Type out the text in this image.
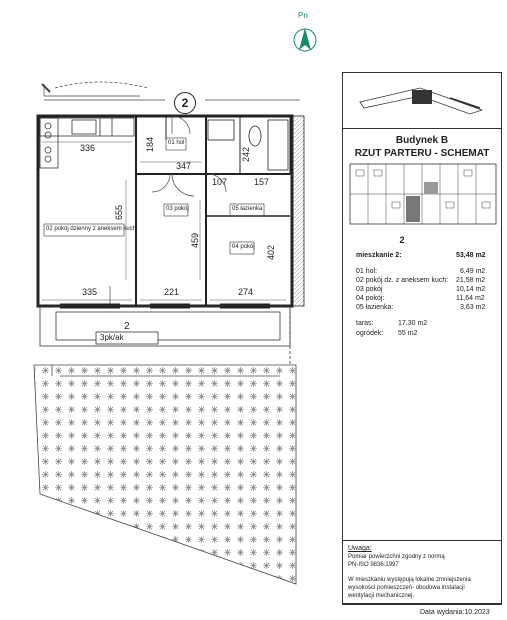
2
Pn
02 pokój dzienny z aneksem kuch.
01 hol
03 pokój	05 łazienka
04 pokój
336	184
347
242
107	157
655
459
402
335	221	274
2
3pk/ak
Budynek B
RZUT PARTERU - SCHEMAT
2
mieszkanie 2:	53,48 m2
01 hol:	6,49 m2
02 pokój dz. z aneksem kuch: 21,58 m2
03 pokój	10,14 m2
04 pokój:	11,64 m2
05 łazienka:	3,63 m2
taras:	17,30 m2
ogródek: 55 m2
Uwaga:
Pomiar powierzchni zgodny z normą
PN-ISO 9836:1997
W mieszkaniu występują lokalne zmniejszenia
wysokości pomieszczeń- obudowa instalacji
wentylacji mechanicznej.
Data wydania:10.2023
